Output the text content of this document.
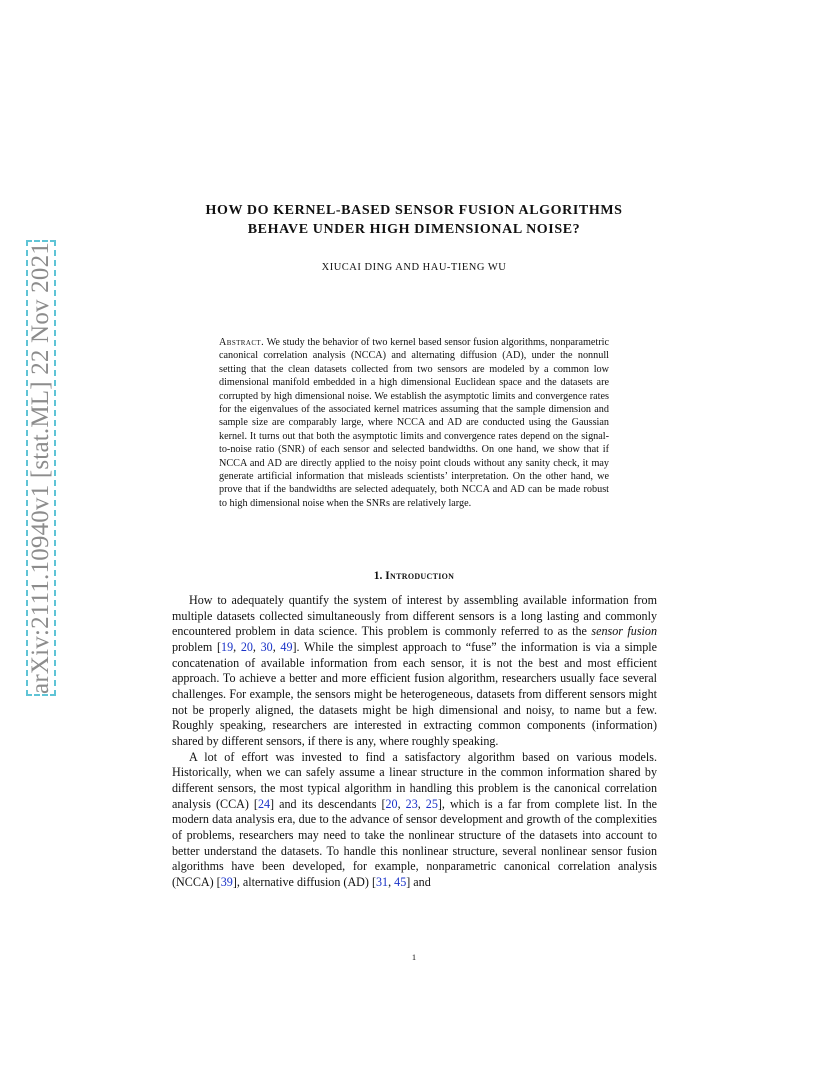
arXiv:2111.10940v1 [stat.ML] 22 Nov 2021
HOW DO KERNEL-BASED SENSOR FUSION ALGORITHMS
BEHAVE UNDER HIGH DIMENSIONAL NOISE?
XIUCAI DING AND HAU-TIENG WU

Abstract. We study the behavior of two kernel based sensor fusion algorithms, nonparametric canonical correlation analysis (NCCA) and alternating diffusion (AD), under the nonnull setting that the clean datasets collected from two sensors are modeled by a common low dimensional manifold embedded in a high dimensional Euclidean space and the datasets are corrupted by high dimensional noise. We establish the asymptotic limits and convergence rates for the eigenvalues of the associated kernel matrices assuming that the sample dimension and sample size are comparably large, where NCCA and AD are conducted using the Gaussian kernel. It turns out that both the asymptotic limits and convergence rates depend on the signal-to-noise ratio (SNR) of each sensor and selected bandwidths. On one hand, we show that if NCCA and AD are directly applied to the noisy point clouds without any sanity check, it may generate artificial information that misleads scientists’ interpretation. On the other hand, we prove that if the bandwidths are selected adequately, both NCCA and AD can be made robust to high dimensional noise when the SNRs are relatively large.

1. Introduction

How to adequately quantify the system of interest by assembling available information from multiple datasets collected simultaneously from different sensors is a long lasting and commonly encountered problem in data science. This problem is commonly referred to as the sensor fusion problem [19, 20, 30, 49]. While the simplest approach to “fuse” the information is via a simple concatenation of available information from each sensor, it is not the best and most efficient approach. To achieve a better and more efficient fusion algorithm, researchers usually face several challenges. For example, the sensors might be heterogeneous, datasets from different sensors might not be properly aligned, the datasets might be high dimensional and noisy, to name but a few. Roughly speaking, researchers are interested in extracting common components (information) shared by different sensors, if there is any, where roughly speaking.

A lot of effort was invested to find a satisfactory algorithm based on various models. Historically, when we can safely assume a linear structure in the common information shared by different sensors, the most typical algorithm in handling this problem is the canonical correlation analysis (CCA) [24] and its descendants [20, 23, 25], which is a far from complete list. In the modern data analysis era, due to the advance of sensor development and growth of the complexities of problems, researchers may need to take the nonlinear structure of the datasets into account to better understand the datasets. To handle this nonlinear structure, several nonlinear sensor fusion algorithms have been developed, for example, nonparametric canonical correlation analysis (NCCA) [39], alternative diffusion (AD) [31, 45] and

1
